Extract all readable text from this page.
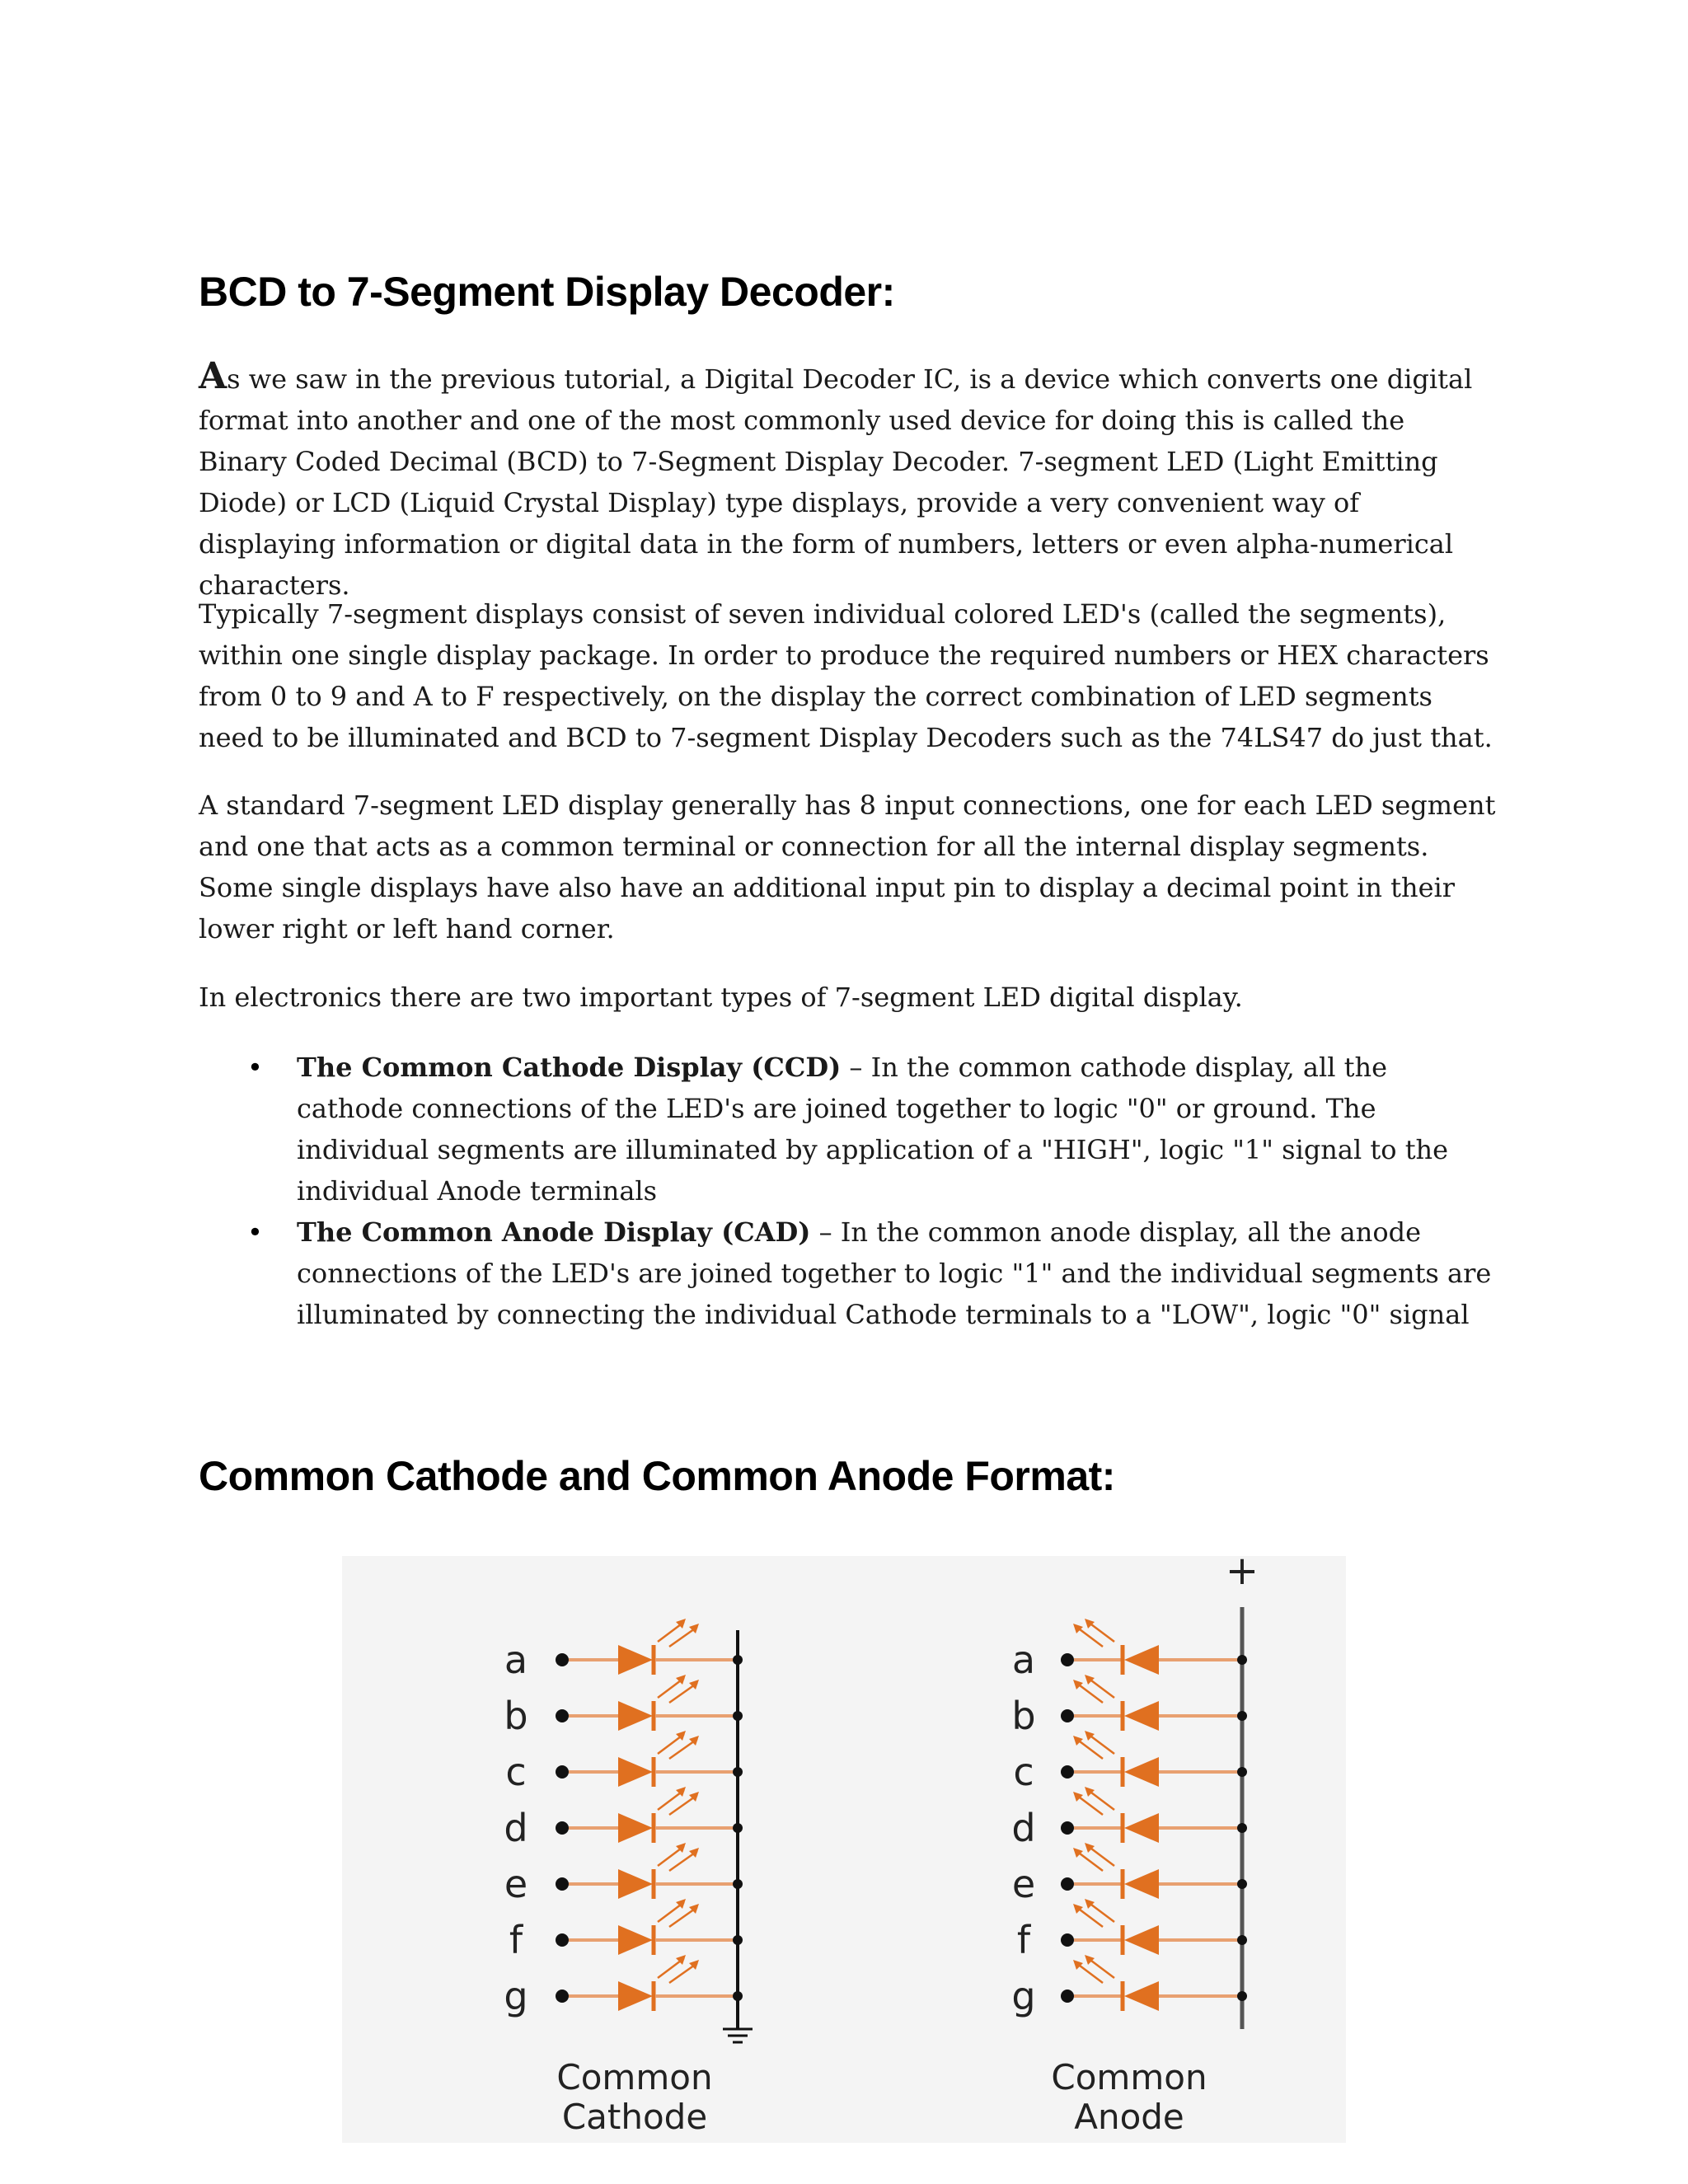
BCD to 7-Segment Display Decoder:

As we saw in the previous tutorial, a Digital Decoder IC, is a device which converts one digital format into another and one of the most commonly used device for doing this is called the Binary Coded Decimal (BCD) to 7-Segment Display Decoder. 7-segment LED (Light Emitting Diode) or LCD (Liquid Crystal Display) type displays, provide a very convenient way of displaying information or digital data in the form of numbers, letters or even alpha-numerical characters.

Typically 7-segment displays consist of seven individual colored LED's (called the segments), within one single display package. In order to produce the required numbers or HEX characters from 0 to 9 and A to F respectively, on the display the correct combination of LED segments need to be illuminated and BCD to 7-segment Display Decoders such as the 74LS47 do just that.

A standard 7-segment LED display generally has 8 input connections, one for each LED segment and one that acts as a common terminal or connection for all the internal display segments. Some single displays have also have an additional input pin to display a decimal point in their lower right or left hand corner.

In electronics there are two important types of 7-segment LED digital display.

• The Common Cathode Display (CCD) – In the common cathode display, all the cathode connections of the LED's are joined together to logic "0" or ground. The individual segments are illuminated by application of a "HIGH", logic "1" signal to the individual Anode terminals

• The Common Anode Display (CAD) – In the common anode display, all the anode connections of the LED's are joined together to logic "1" and the individual segments are illuminated by connecting the individual Cathode terminals to a "LOW", logic "0" signal

Common Cathode and Common Anode Format:
a
b
c
d
e
f
g
+
a
b
c
d
e
f
g
Common
Cathode
Common
Anode
